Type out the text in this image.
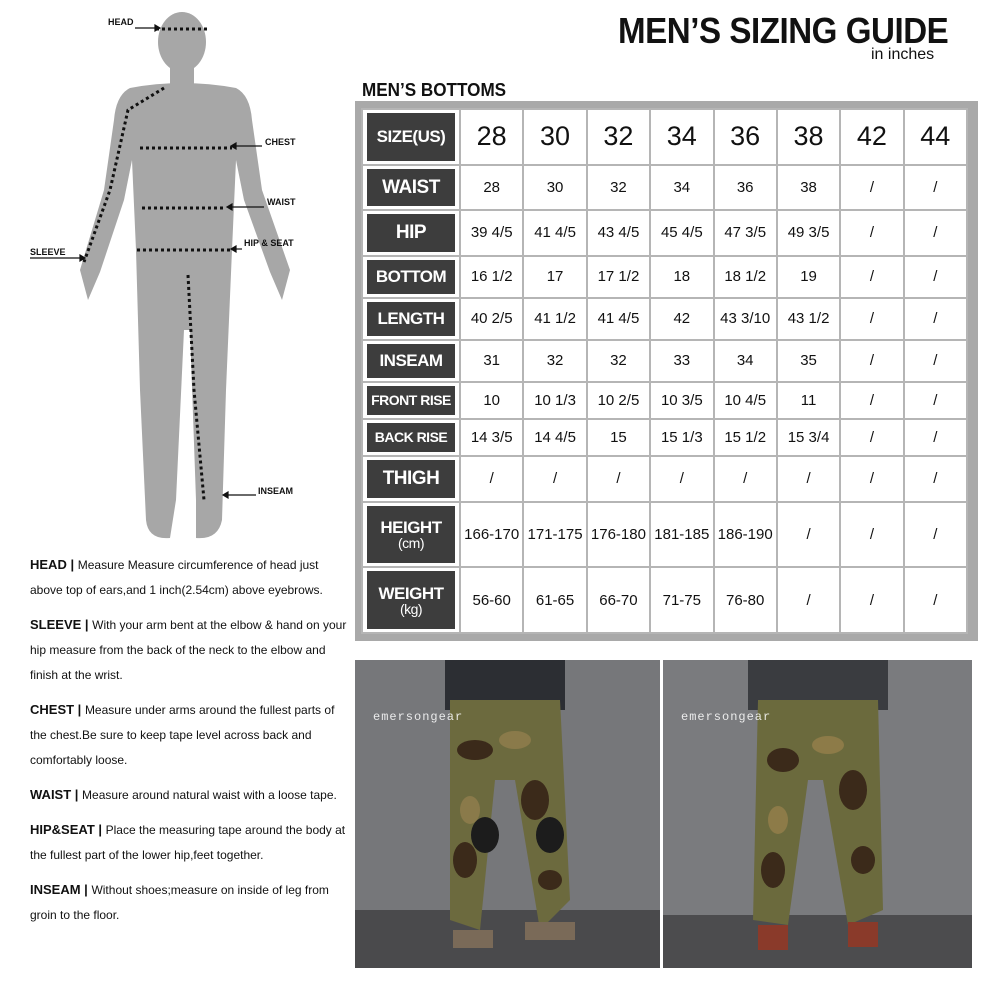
MEN’S SIZING GUIDE
in inches
MEN’S BOTTOMS
HEAD
CHEST
WAIST
HIP & SEAT
SLEEVE
INSEAM
SIZE(US)	28	30	32	34	36	38	42	44

WAIST	28	30	32	34	36	38	/	/

HIP	39 4/5	41 4/5	43 4/5	45 4/5	47 3/5	49 3/5	/	/

BOTTOM	16 1/2	17	17 1/2	18	18 1/2	19	/	/

LENGTH	40 2/5	41 1/2	41 4/5	42	43 3/10	43 1/2	/	/

INSEAM	31	32	32	33	34	35	/	/

FRONT RISE	10	10 1/3	10 2/5	10 3/5	10 4/5	11	/	/

BACK RISE	14 3/5	14 4/5	15	15 1/3	15 1/2	15 3/4	/	/

THIGH	/	/	/	/	/	/	/	/

HEIGHT
(cm)	166-170	171-175	176-180	181-185	186-190	/	/	/

WEIGHT
(kg)	56-60	61-65	66-70	71-75	76-80	/	/	/

HEAD | Measure Measure circumference of head just above top of ears,and 1 inch(2.54cm) above eyebrows.

SLEEVE | With your arm bent at the elbow & hand on your hip measure from the back of the neck to the elbow and finish at the wrist.

CHEST | Measure under arms around the fullest parts of the chest.Be sure to keep tape level across back and comfortably loose.

WAIST | Measure around natural waist with a loose tape.

HIP&SEAT | Place the measuring tape around the body at the fullest part of the lower hip,feet together.

INSEAM | Without shoes;measure on inside of leg from groin to the floor.

emersongear	emersongear
